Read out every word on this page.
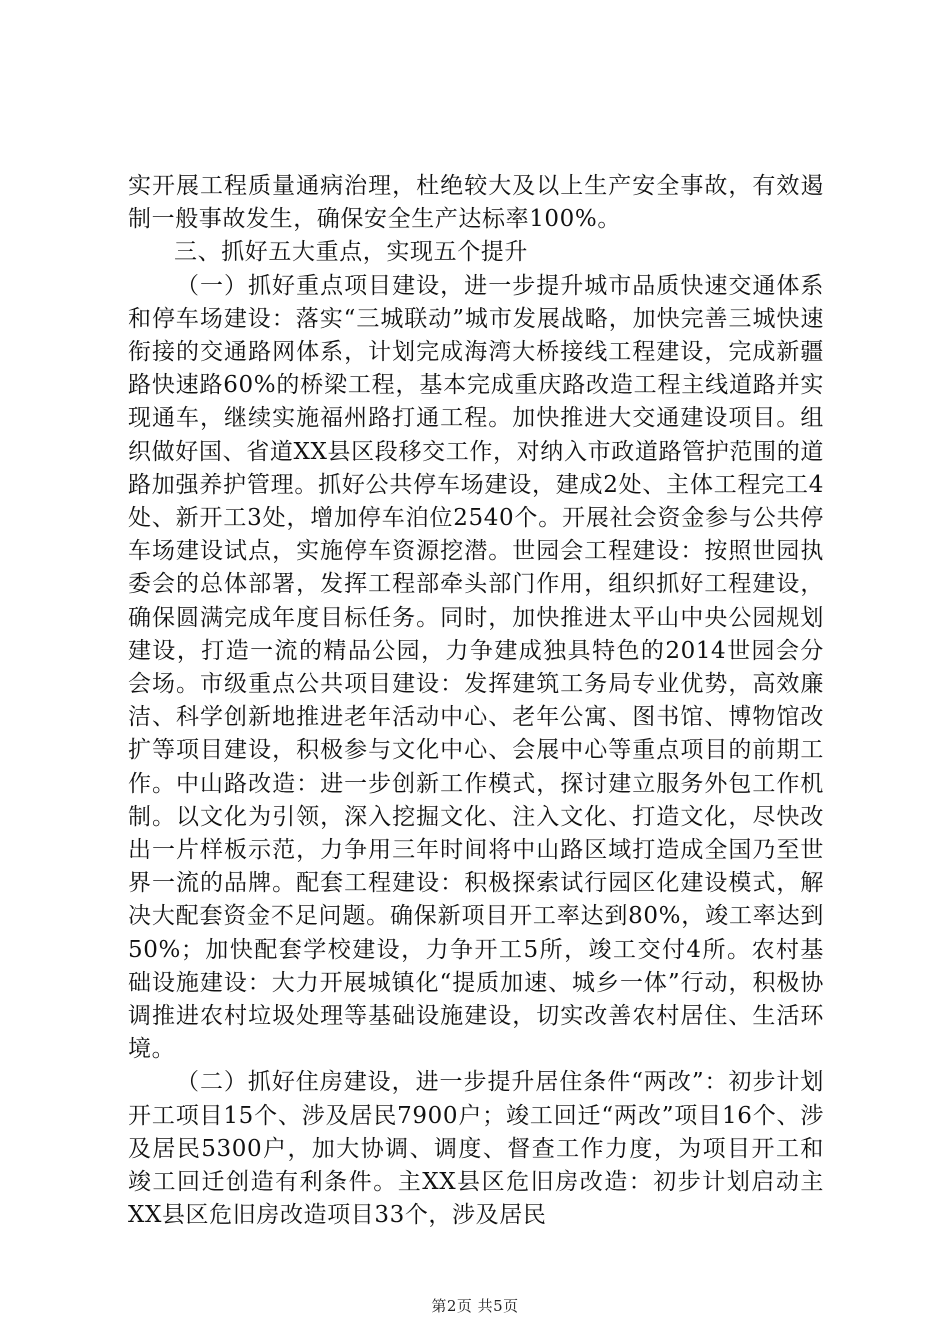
实开展工程质量通病治理，杜绝较大及以上生产安全事故，有效遏制一般事故发生，确保安全生产达标率100%。

三、抓好五大重点，实现五个提升

（一）抓好重点项目建设，进一步提升城市品质快速交通体系和停车场建设：落实“三城联动”城市发展战略，加快完善三城快速衔接的交通路网体系，计划完成海湾大桥接线工程建设，完成新疆路快速路60%的桥梁工程，基本完成重庆路改造工程主线道路并实现通车，继续实施福州路打通工程。加快推进大交通建设项目。组织做好国、省道XX县区段移交工作，对纳入市政道路管护范围的道路加强养护管理。抓好公共停车场建设，建成2处、主体工程完工4处、新开工3处，增加停车泊位2540个。开展社会资金参与公共停车场建设试点，实施停车资源挖潜。世园会工程建设：按照世园执委会的总体部署，发挥工程部牵头部门作用，组织抓好工程建设，确保圆满完成年度目标任务。同时，加快推进太平山中央公园规划建设，打造一流的精品公园，力争建成独具特色的2014世园会分会场。市级重点公共项目建设：发挥建筑工务局专业优势，高效廉洁、科学创新地推进老年活动中心、老年公寓、图书馆、博物馆改扩等项目建设，积极参与文化中心、会展中心等重点项目的前期工作。中山路改造：进一步创新工作模式，探讨建立服务外包工作机制。以文化为引领，深入挖掘文化、注入文化、打造文化，尽快改出一片样板示范，力争用三年时间将中山路区域打造成全国乃至世界一流的品牌。配套工程建设：积极探索试行园区化建设模式，解决大配套资金不足问题。确保新项目开工率达到80%，竣工率达到50%；加快配套学校建设，力争开工5所，竣工交付4所。农村基础设施建设：大力开展城镇化“提质加速、城乡一体”行动，积极协调推进农村垃圾处理等基础设施建设，切实改善农村居住、生活环境。

（二）抓好住房建设，进一步提升居住条件“两改”：初步计划开工项目15个、涉及居民7900户；竣工回迁“两改”项目16个、涉及居民5300户，加大协调、调度、督查工作力度，为项目开工和竣工回迁创造有利条件。主XX县区危旧房改造：初步计划启动主XX县区危旧房改造项目33个，涉及居民

第2页 共5页
